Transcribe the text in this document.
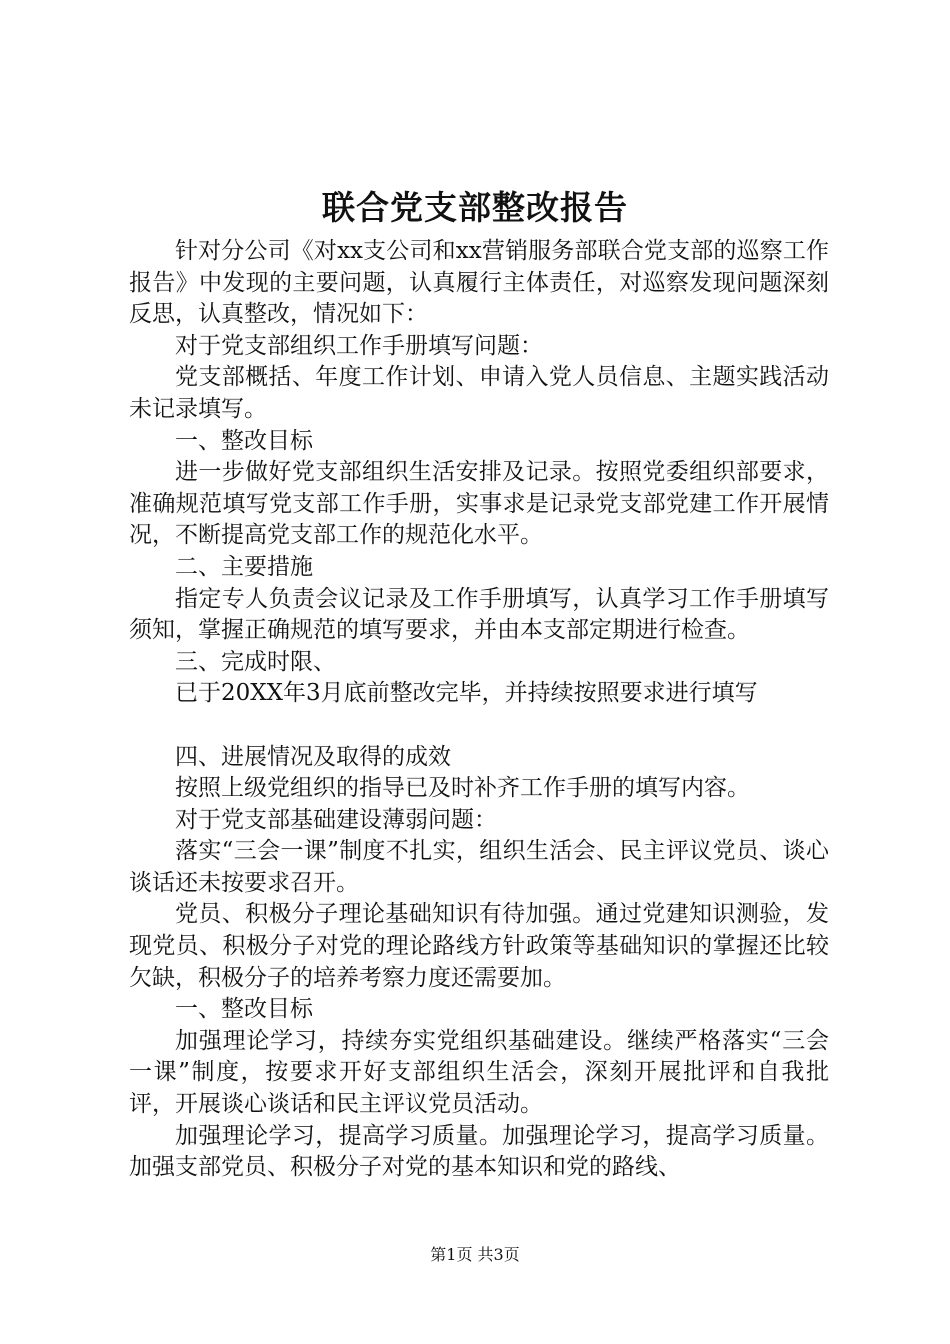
联合党支部整改报告

针对分公司《对xx支公司和xx营销服务部联合党支部的巡察工作报告》中发现的主要问题，认真履行主体责任，对巡察发现问题深刻反思，认真整改，情况如下：

对于党支部组织工作手册填写问题：

党支部概括、年度工作计划、申请入党人员信息、主题实践活动未记录填写。

一、整改目标

进一步做好党支部组织生活安排及记录。按照党委组织部要求，准确规范填写党支部工作手册，实事求是记录党支部党建工作开展情况，不断提高党支部工作的规范化水平。

二、主要措施

指定专人负责会议记录及工作手册填写，认真学习工作手册填写须知，掌握正确规范的填写要求，并由本支部定期进行检查。

三、完成时限、

已于20XX年3月底前整改完毕，并持续按照要求进行填写

四、进展情况及取得的成效

按照上级党组织的指导已及时补齐工作手册的填写内容。

对于党支部基础建设薄弱问题：

落实“三会一课”制度不扎实，组织生活会、民主评议党员、谈心谈话还未按要求召开。

党员、积极分子理论基础知识有待加强。通过党建知识测验，发现党员、积极分子对党的理论路线方针政策等基础知识的掌握还比较欠缺，积极分子的培养考察力度还需要加。

一、整改目标

加强理论学习，持续夯实党组织基础建设。继续严格落实“三会一课”制度，按要求开好支部组织生活会，深刻开展批评和自我批评，开展谈心谈话和民主评议党员活动。

加强理论学习，提高学习质量。加强理论学习，提高学习质量。加强支部党员、积极分子对党的基本知识和党的路线、

第1页 共3页
